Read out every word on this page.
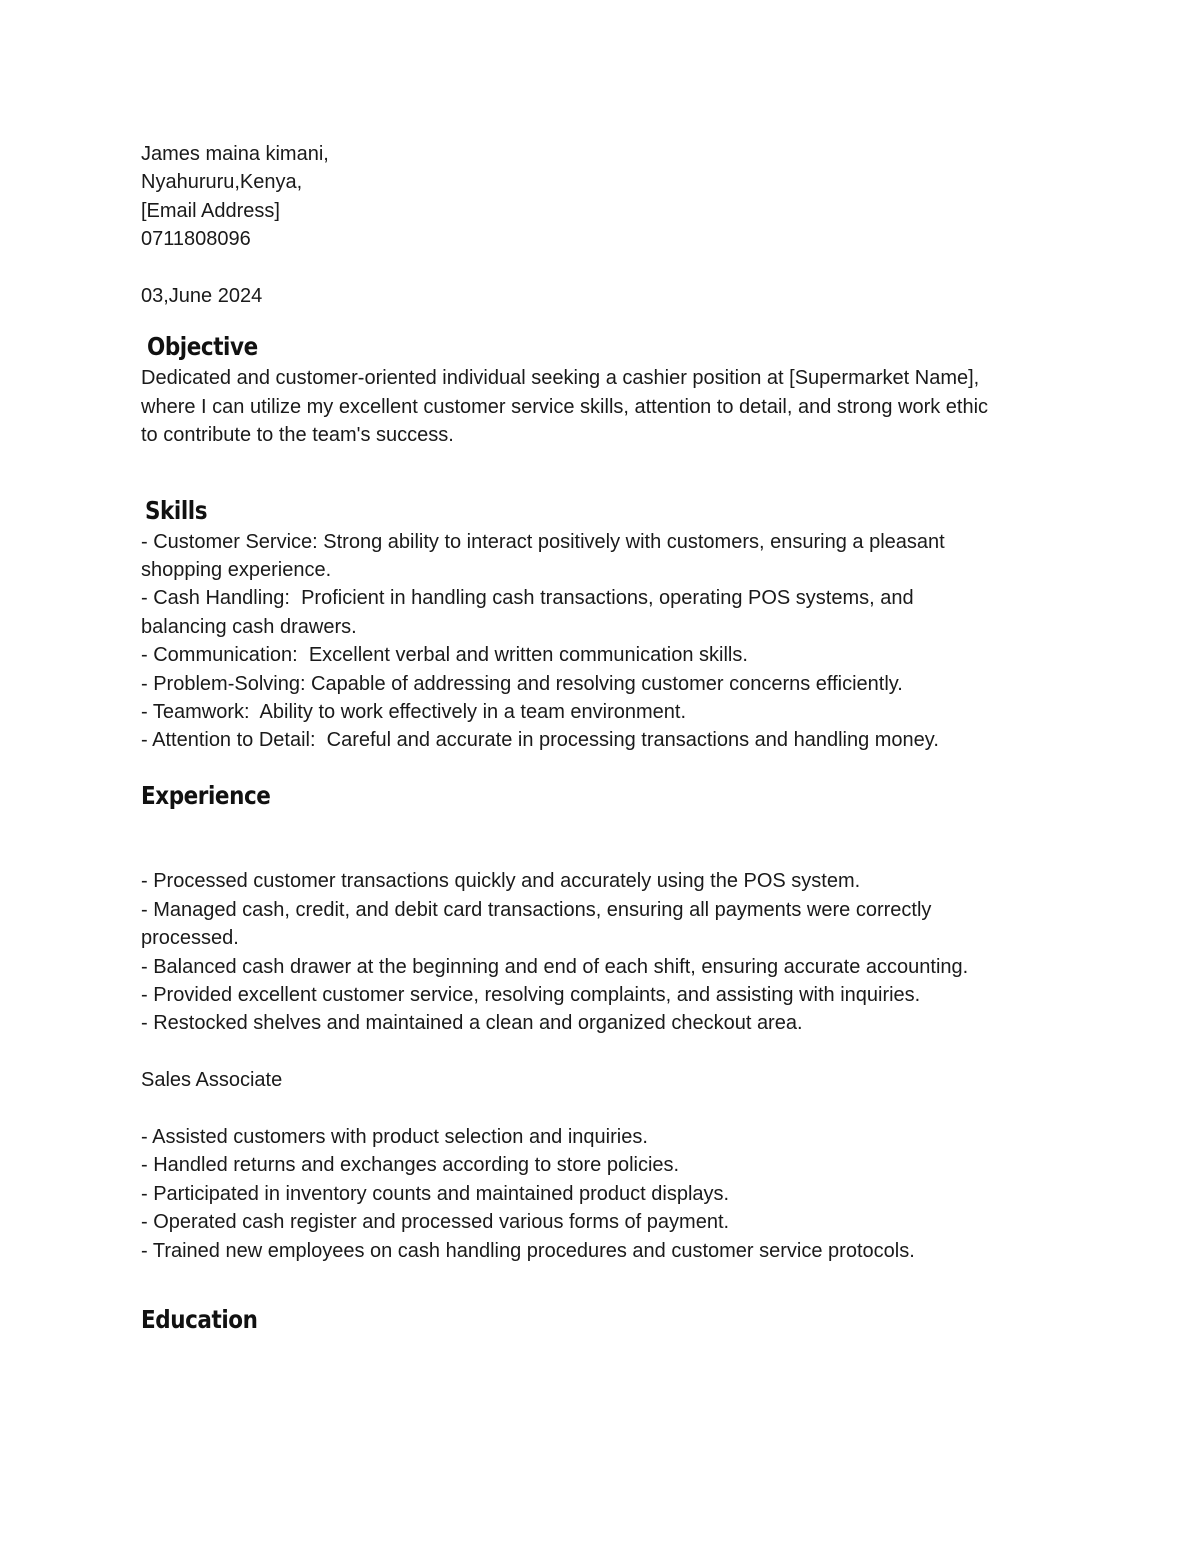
James maina kimani,

Nyahururu,Kenya,

[Email Address]

0711808096

03,June 2024

Objective

Dedicated and customer-oriented individual seeking a cashier position at [Supermarket Name],

where I can utilize my excellent customer service skills, attention to detail, and strong work ethic

to contribute to the team's success.

Skills

- Customer Service: Strong ability to interact positively with customers, ensuring a pleasant

shopping experience.

- Cash Handling:  Proficient in handling cash transactions, operating POS systems, and

balancing cash drawers.

- Communication:  Excellent verbal and written communication skills.

- Problem-Solving: Capable of addressing and resolving customer concerns efficiently.

- Teamwork:  Ability to work effectively in a team environment.

- Attention to Detail:  Careful and accurate in processing transactions and handling money.

Experience

- Processed customer transactions quickly and accurately using the POS system.

- Managed cash, credit, and debit card transactions, ensuring all payments were correctly

processed.

- Balanced cash drawer at the beginning and end of each shift, ensuring accurate accounting.

- Provided excellent customer service, resolving complaints, and assisting with inquiries.

- Restocked shelves and maintained a clean and organized checkout area.

Sales Associate

- Assisted customers with product selection and inquiries.

- Handled returns and exchanges according to store policies.

- Participated in inventory counts and maintained product displays.

- Operated cash register and processed various forms of payment.

- Trained new employees on cash handling procedures and customer service protocols.

Education
